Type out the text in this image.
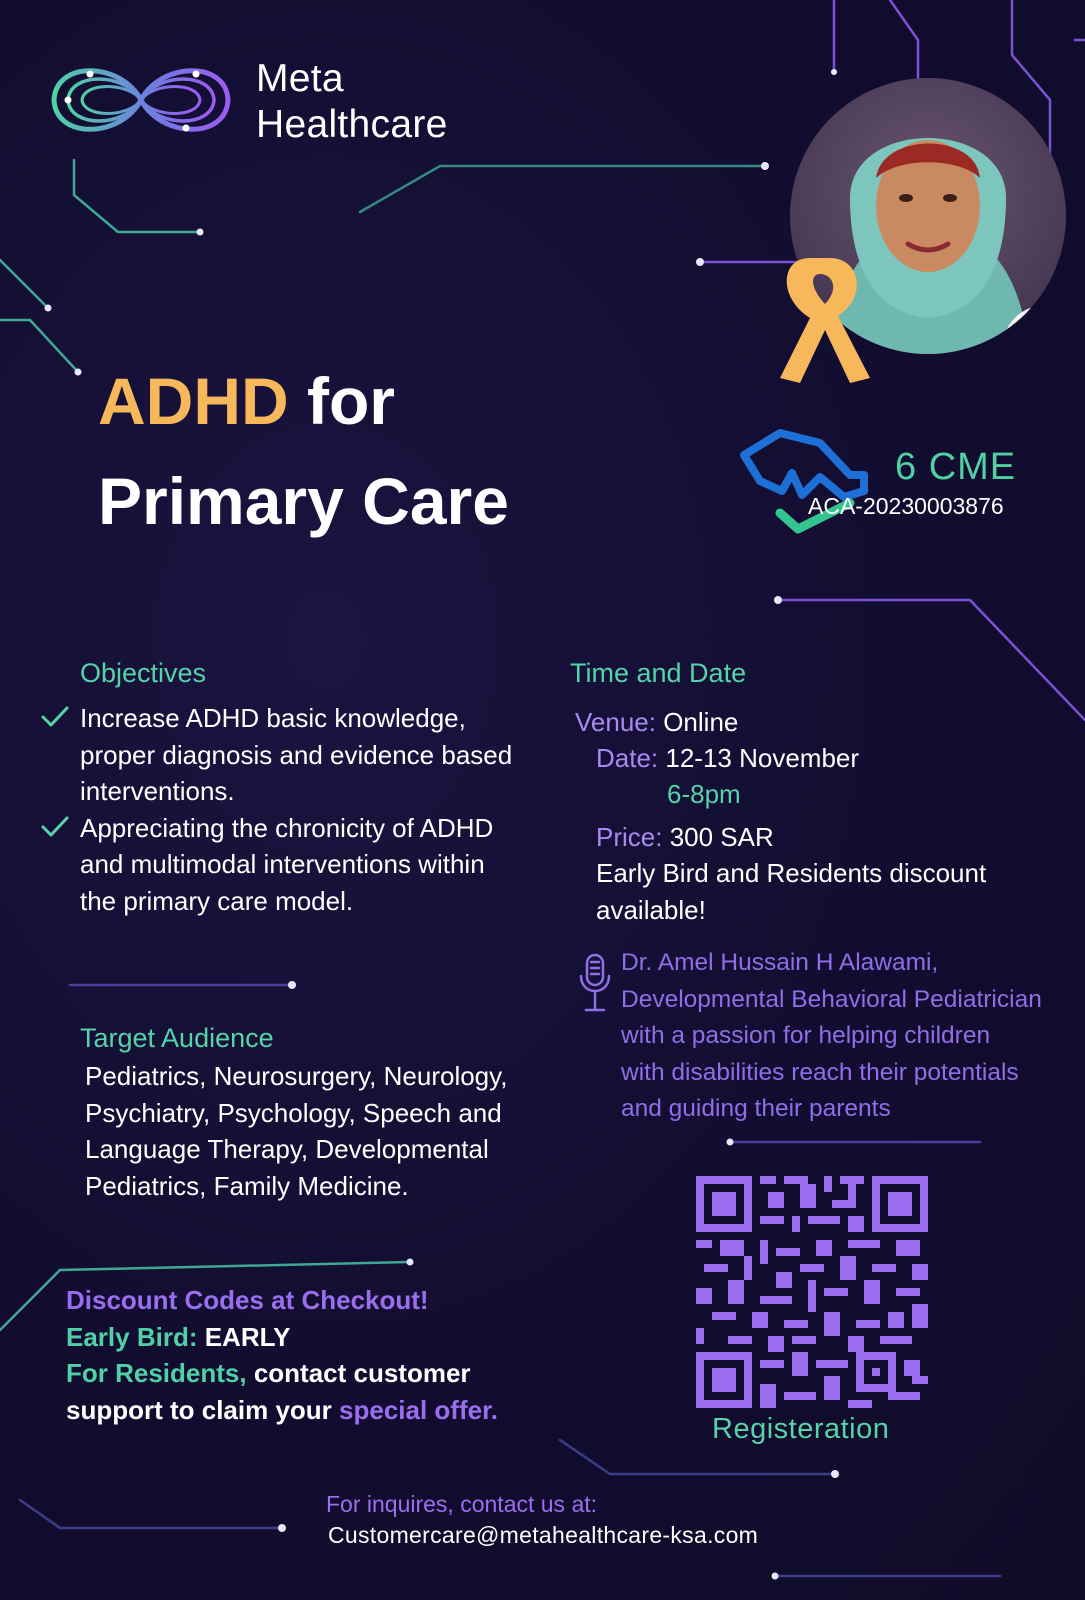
Meta
Healthcare
ADHD for
Primary Care	6 CME
ACA-20230003876
Objectives
Increase ADHD basic knowledge, proper diagnosis and evidence based interventions.
Appreciating the chronicity of ADHD and multimodal interventions within the primary care model.
Target Audience
Pediatrics, Neurosurgery, Neurology, Psychiatry, Psychology, Speech and Language Therapy, Developmental Pediatrics, Family Medicine.
Time and Date
Venue: Online
Date: 12-13 November
6-8pm
Price: 300 SAR
Early Bird and Residents discount available!
Dr. Amel Hussain H Alawami,
Developmental Behavioral Pediatrician
with a passion for helping children
with disabilities reach their potentials
and guiding their parents
Registeration
Discount Codes at Checkout!
Early Bird: EARLY
For Residents, contact customer support to claim your special offer.
For inquires, contact us at:
Customercare@metahealthcare-ksa.com
